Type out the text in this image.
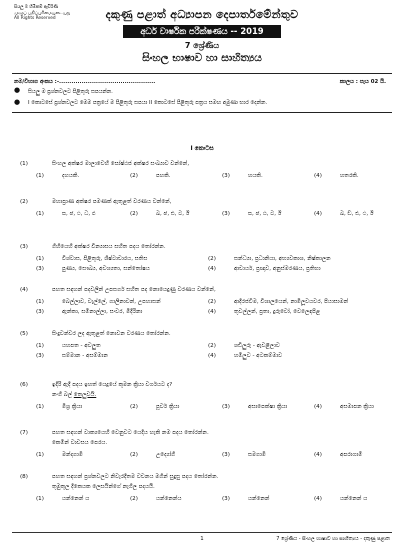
සියලු ම හිමිකම් ඇවිරිණි
முழுப் பதிப்புரிமையுடையது
All Rights Reserved	දකුණු පළාත් අධ්‍යාපන දෙපාර්තමේන්තුව
අර්ධ වාර්ෂික පරීක්ෂණය -- 2019
7 ශ්‍රේණිය
සිංහල භාෂාව හා සාහිත්‍යය
නම/විභාග අංකය :-...............................................	කාලය : පැය 02 යි.
● සියලු ම ප්‍රශ්නවලට පිළිතුරු සපයන්න.
● I කොටසේ ප්‍රශ්නවලට මෙම පත්‍රයේ ම පිළිතුරු සපයා II කොටසේ පිළිතුරු පත්‍රය සමඟ අමුණා භාර දෙන්න.
I කොටස
(1)	සිංහල අක්ෂර මාලාවෙහි ඝෝෂ්ඨජ අක්ෂර සංඛ්‍යාව වන්නේ,
(1)	දහයකි.	(2)	පහකි.	(3)	හයකි.	(4)	හතරකි.
(2)	මහාප්‍රාණ අක්ෂර පමණක් ඇතුළත් වරණය වන්නේ,
(1)	ඝ, ඡ, ථ, ධ, ඵ	(2)	ඛ, ඡ, ඪ, ට, ඊ	(3)	ඝ, ඡ, ඨ, ට, ඊ	(4)	ඛ, ඞ, ඪ, ථ, ඊ
(3)	ගිහියෙහි අක්ෂර වින්‍යාසය සහිත පදය තෝරන්න.
(1)	විශ්වාස, පිළිතුරු, ශිෂ්ටාචාරය, සතිස	(2)	සන්ධ්‍යා, ප්‍රධානියා, අභ්‍යවකාශ, නිෂ්කාලන
(3)	පුණ්‍ය, සෞඛ්‍ය, අවශ්‍යතා, සන්තෝෂය	(4)	ආචාර්ය, ප්‍රඥාව, අනුස්මරණය, ප්‍රතිභා
(4)	පහත සඳහන් පදවලින් උපසර්ග සහිත පද නොයෙදුණු වරණය වන්නේ,
(1)	බෙල්ලාව, වැල්ලේ, ගාලිනාවන්, උපහාසන්	(2)	ආදිරජවීම, විශාලයෙන්, නාමිලූවයවර, පියාසාමන්
(3)	ඇන්කා, සමිනාල්ලා, සංවර, මිදිරිනා	(4)	තුවල්ලන්, ප්‍රතා, දුරුවෝ, වෙලෙඳපිළ
(5)	සිංදුවන්වර ලද ඇතුළත් නොවන වරණය තෝරන්න.
(1)	යහපත - අවලුත	(2)	ශඩිලුරු - ඇවළිලාව
(3)	සම්මාන - අසම්මාන	(4)	හමිලුව - අටකම්මාව
(6)	ඉදිරි ඇදි පදය ඉහත් යෙදූයේ කුමන ක්‍රියා වර්ගයට ද?
නංගි බල් තෙලුවයි.
(1)	මිශ්‍ර ක්‍රියා	(2)	පූර්ව ක්‍රියා	(3)	අසාපෙක්ෂා ක්‍රියා	(4)	අසමාපන ක්‍රියා
(7)	පහත සඳහන් වාක්‍යයෙහි වෙනුවට යෙදිය හැකි නම පදය තෝරන්න.
කෙමින් වාවසය පෙරය.
(1)	මන්දගාමී	(2)	උද්‍යෝගී	(3)	සමගාමී	(4)	අපරාගාමී
(8)	පහත සඳහන් ප්‍රශ්නවලට නිවැරදිතම වචනය මගින් සුදුසු පදය තෝරන්න.
තුමුතුල දිකෙයක ලෙසයින්ගේ නැගිල පදයයි.
(1)	යන්නෙන් ය	(2)	යන්නෙන්ය	(3)	යන්නෙන්	(4)	යන්නෙන් ය
1	7 ශ්‍රේණිය - සිංහල භාෂාව හා සාහිත්‍යය - දකුණු පළාත
